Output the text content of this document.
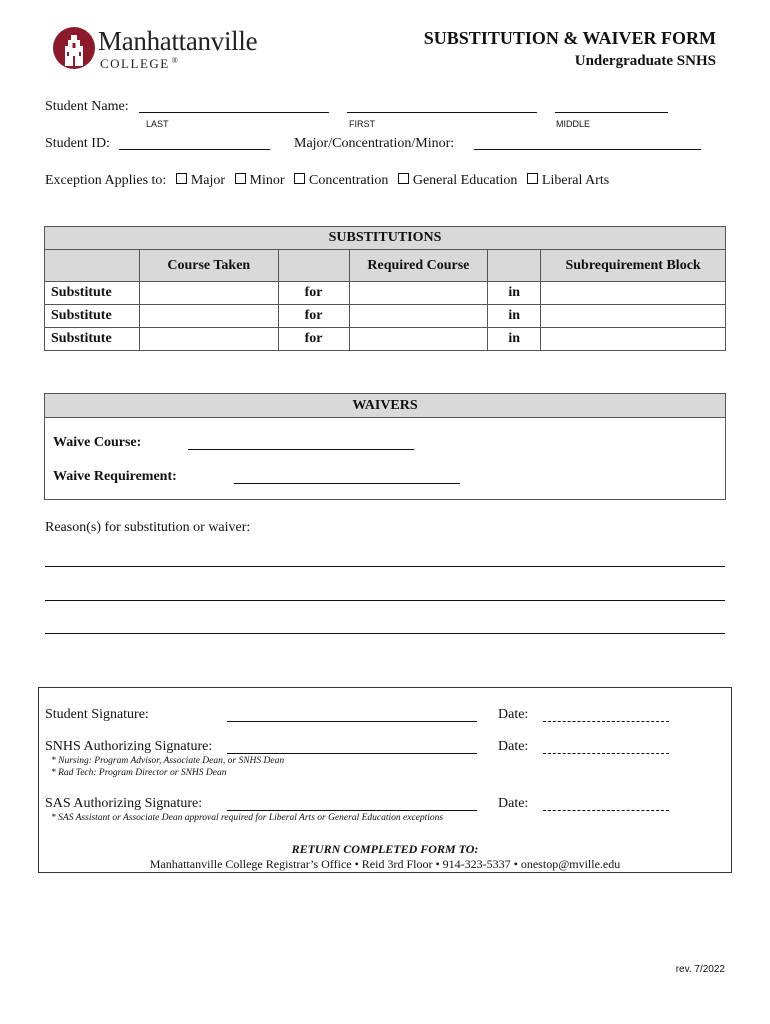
Manhattanville
COLLEGE ®
SUBSTITUTION & WAIVER FORM
Undergraduate SNHS
Student Name:
LAST	FIRST	MIDDLE
Student ID:	Major/Concentration/Minor:
Exception Applies to: Major Minor Concentration General Education Liberal Arts
SUBSTITUTIONS					
	Course Taken		Required Course		Subrequirement Block
Substitute		for		in	
Substitute		for		in	
Substitute		for		in	
WAIVERS
Waive Course:
Waive Requirement:
Reason(s) for substitution or waiver:
Student Signature:	Date:
SNHS Authorizing Signature:	Date:
* Nursing: Program Advisor, Associate Dean, or SNHS Dean
* Rad Tech: Program Director or SNHS Dean
SAS Authorizing Signature:	Date:
* SAS Assistant or Associate Dean approval required for Liberal Arts or General Education exceptions
RETURN COMPLETED FORM TO:
Manhattanville College Registrar’s Office • Reid 3rd Floor • 914-323-5337 • onestop@mville.edu
rev. 7/2022
